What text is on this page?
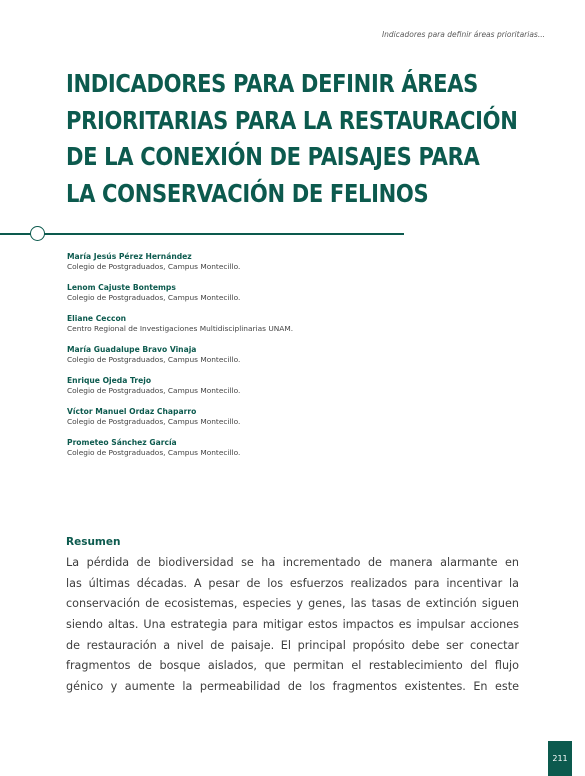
Indicadores para definir áreas prioritarias...
INDICADORES PARA DEFINIR ÁREAS
PRIORITARIAS PARA LA RESTAURACIÓN
DE LA CONEXIÓN DE PAISAJES PARA
LA CONSERVACIÓN DE FELINOS
María Jesús Pérez Hernández
Colegio de Postgraduados, Campus Montecillo.
Lenom Cajuste Bontemps
Colegio de Postgraduados, Campus Montecillo.
Eliane Ceccon
Centro Regional de Investigaciones Multidisciplinarias UNAM.
María Guadalupe Bravo Vinaja
Colegio de Postgraduados, Campus Montecillo.
Enrique Ojeda Trejo
Colegio de Postgraduados, Campus Montecillo.
Víctor Manuel Ordaz Chaparro
Colegio de Postgraduados, Campus Montecillo.
Prometeo Sánchez García
Colegio de Postgraduados, Campus Montecillo.
Resumen
La pérdida de biodiversidad se ha incrementado de manera alarmante en
las últimas décadas. A pesar de los esfuerzos realizados para incentivar la
conservación de ecosistemas, especies y genes, las tasas de extinción siguen
siendo altas. Una estrategia para mitigar estos impactos es impulsar acciones
de restauración a nivel de paisaje. El principal propósito debe ser conectar
fragmentos de bosque aislados, que permitan el restablecimiento del flujo
génico y aumente la permeabilidad de los fragmentos existentes. En este
211
